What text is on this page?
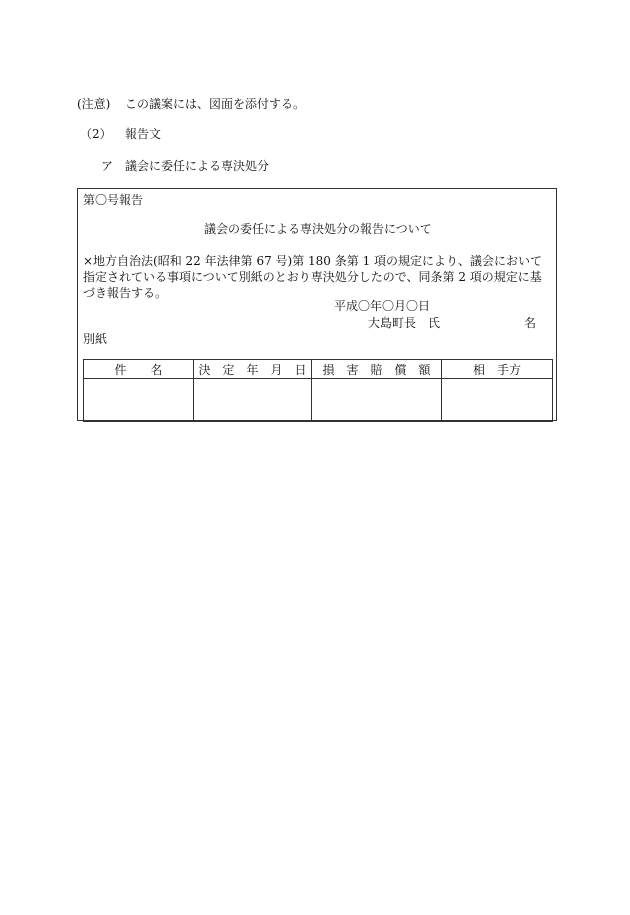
(注意) この議案には、図面を添付する。
（2） 報告文
ア 議会に委任による専決処分
第〇号報告
議会の委任による専決処分の報告について
×地方自治法(昭和 22 年法律第 67 号)第 180 条第 1 項の規定により、議会において指定されている事項について別紙のとおり専決処分したので、同条第 2 項の規定に基づき報告する。
平成〇年〇月〇日
大島町長　氏	名
別紙
件　　名	決　定　年　月　日	損　害　賠　償　額	相　手方
